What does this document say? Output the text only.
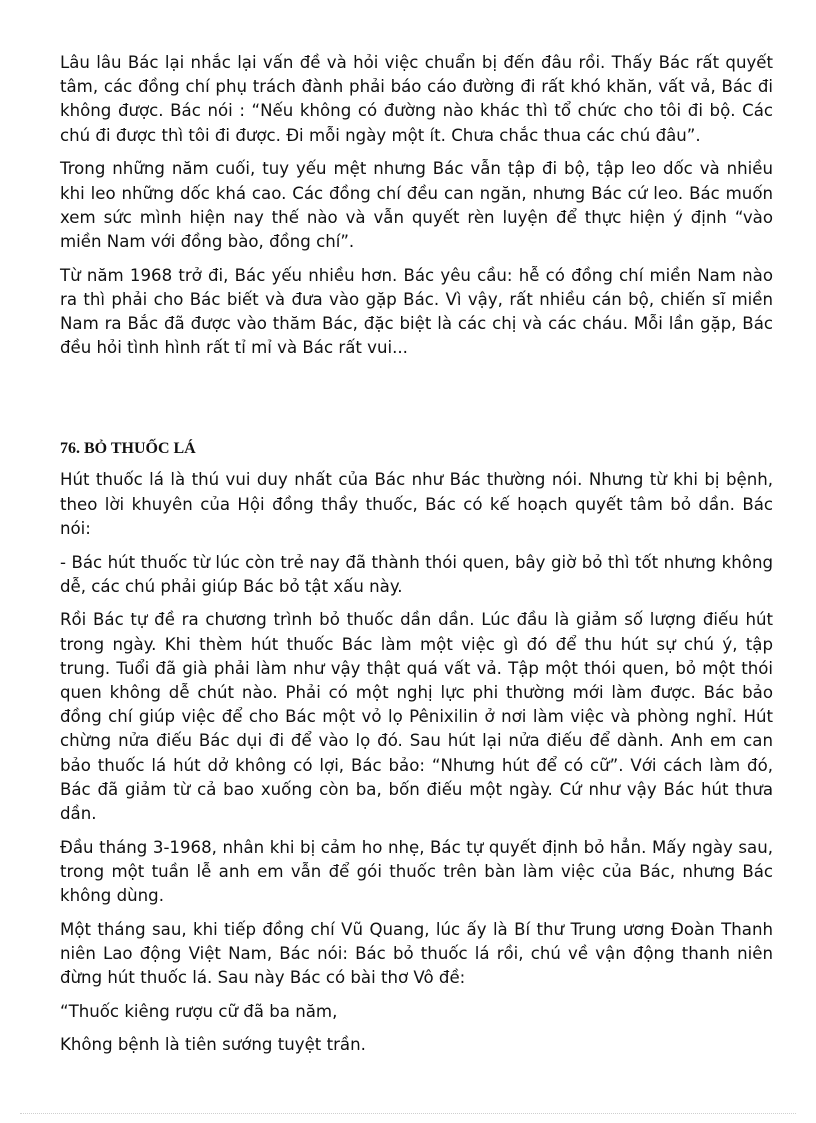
Lâu lâu Bác lại nhắc lại vấn đề và hỏi việc chuẩn bị đến đâu rồi. Thấy Bác rất quyết tâm, các đồng chí phụ trách đành phải báo cáo đường đi rất khó khăn, vất vả, Bác đi không được. Bác nói : “Nếu không có đường nào khác thì tổ chức cho tôi đi bộ. Các chú đi được thì tôi đi được. Đi mỗi ngày một ít. Chưa chắc thua các chú đâu”.

Trong những năm cuối, tuy yếu mệt nhưng Bác vẫn tập đi bộ, tập leo dốc và nhiều khi leo những dốc khá cao. Các đồng chí đều can ngăn, nhưng Bác cứ leo. Bác muốn xem sức mình hiện nay thế nào và vẫn quyết rèn luyện để thực hiện ý định “vào miền Nam với đồng bào, đồng chí”.

Từ năm 1968 trở đi, Bác yếu nhiều hơn. Bác yêu cầu: hễ có đồng chí miền Nam nào ra thì phải cho Bác biết và đưa vào gặp Bác. Vì vậy, rất nhiều cán bộ, chiến sĩ miền Nam ra Bắc đã được vào thăm Bác, đặc biệt là các chị và các cháu. Mỗi lần gặp, Bác đều hỏi tình hình rất tỉ mỉ và Bác rất vui...

76. BỎ THUỐC LÁ

Hút thuốc lá là thú vui duy nhất của Bác như Bác thường nói. Nhưng từ khi bị bệnh, theo lời khuyên của Hội đồng thầy thuốc, Bác có kế hoạch quyết tâm bỏ dần. Bác nói:

- Bác hút thuốc từ lúc còn trẻ nay đã thành thói quen, bây giờ bỏ thì tốt nhưng không dễ, các chú phải giúp Bác bỏ tật xấu này.

Rồi Bác tự đề ra chương trình bỏ thuốc dần dần. Lúc đầu là giảm số lượng điếu hút trong ngày. Khi thèm hút thuốc Bác làm một việc gì đó để thu hút sự chú ý, tập trung. Tuổi đã già phải làm như vậy thật quá vất vả. Tập một thói quen, bỏ một thói quen không dễ chút nào. Phải có một nghị lực phi thường mới làm được. Bác bảo đồng chí giúp việc để cho Bác một vỏ lọ Pênixilin ở nơi làm việc và phòng nghỉ. Hút chừng nửa điếu Bác dụi đi để vào lọ đó. Sau hút lại nửa điếu để dành. Anh em can bảo thuốc lá hút dở không có lợi, Bác bảo: “Nhưng hút để có cữ”. Với cách làm đó, Bác đã giảm từ cả bao xuống còn ba, bốn điếu một ngày. Cứ như vậy Bác hút thưa dần.

Đầu tháng 3-1968, nhân khi bị cảm ho nhẹ, Bác tự quyết định bỏ hẳn. Mấy ngày sau, trong một tuần lễ anh em vẫn để gói thuốc trên bàn làm việc của Bác, nhưng Bác không dùng.

Một tháng sau, khi tiếp đồng chí Vũ Quang, lúc ấy là Bí thư Trung ương Đoàn Thanh niên Lao động Việt Nam, Bác nói: Bác bỏ thuốc lá rồi, chú về vận động thanh niên đừng hút thuốc lá. Sau này Bác có bài thơ Vô đề:

“Thuốc kiêng rượu cữ đã ba năm,

Không bệnh là tiên sướng tuyệt trần.
